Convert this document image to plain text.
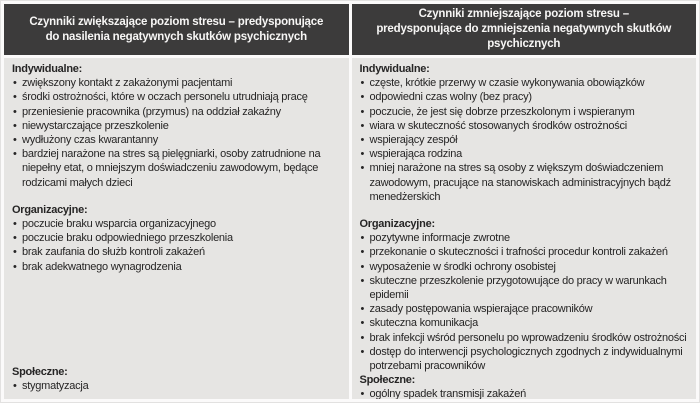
Czynniki zwiększające poziom stresu – predysponujące do nasilenia negatywnych skutków psychicznych
Czynniki zmniejszające poziom stresu – predysponujące do zmniejszenia negatywnych skutków psychicznych
Indywidualne:
• zwiększony kontakt z zakażonymi pacjentami
• środki ostrożności, które w oczach personelu utrudniają pracę
• przeniesienie pracownika (przymus) na oddział zakaźny
• niewystarczające przeszkolenie
• wydłużony czas kwarantanny
• bardziej narażone na stres są pielęgniarki, osoby zatrudnione na niepełny etat, o mniejszym doświadczeniu zawodowym, będące rodzicami małych dzieci
Organizacyjne:
• poczucie braku wsparcia organizacyjnego
• poczucie braku odpowiedniego przeszkolenia
• brak zaufania do służb kontroli zakażeń
• brak adekwatnego wynagrodzenia
Społeczne:
• stygmatyzacja
Indywidualne:
• częste, krótkie przerwy w czasie wykonywania obowiązków
• odpowiedni czas wolny (bez pracy)
• poczucie, że jest się dobrze przeszkolonym i wspieranym
• wiara w skuteczność stosowanych środków ostrożności
• wspierający zespół
• wspierająca rodzina
• mniej narażone na stres są osoby z większym doświadczeniem zawodowym, pracujące na stanowiskach administracyjnych bądź menedżerskich
Organizacyjne:
• pozytywne informacje zwrotne
• przekonanie o skuteczności i trafności procedur kontroli zakażeń
• wyposażenie w środki ochrony osobistej
• skuteczne przeszkolenie przygotowujące do pracy w warunkach epidemii
• zasady postępowania wspierające pracowników
• skuteczna komunikacja
• brak infekcji wśród personelu po wprowadzeniu środków ostrożności
• dostęp do interwencji psychologicznych zgodnych z indywidualnymi potrzebami pracowników
Społeczne:
• ogólny spadek transmisji zakażeń
